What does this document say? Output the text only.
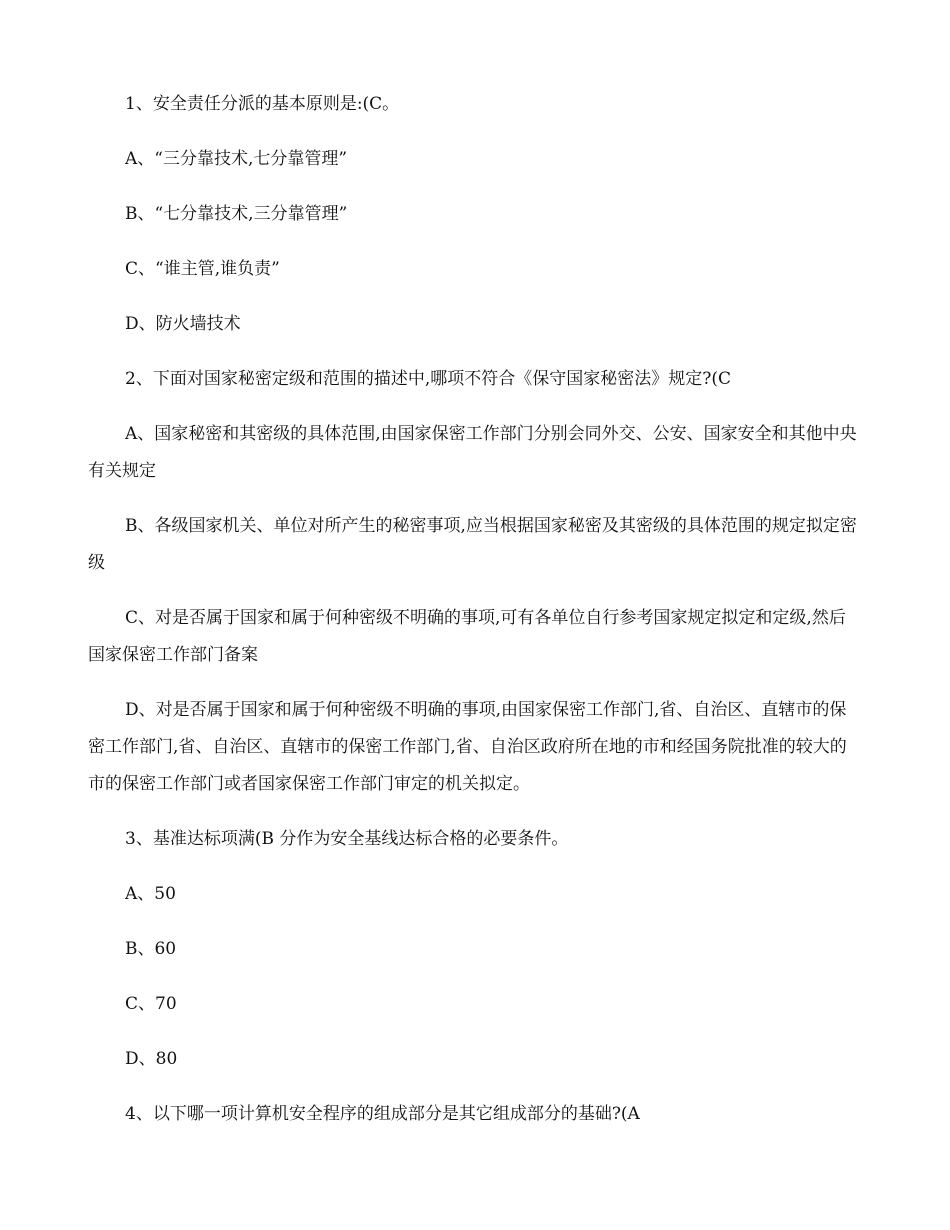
1、安全责任分派的基本原则是:(C。

A、“三分靠技术,七分靠管理”

B、“七分靠技术,三分靠管理”

C、“谁主管,谁负责”

D、防火墙技术

2、下面对国家秘密定级和范围的描述中,哪项不符合《保守国家秘密法》规定?(C

A、国家秘密和其密级的具体范围,由国家保密工作部门分别会同外交、公安、国家安全和其他中央有关规定

B、各级国家机关、单位对所产生的秘密事项,应当根据国家秘密及其密级的具体范围的规定拟定密级

C、对是否属于国家和属于何种密级不明确的事项,可有各单位自行参考国家规定拟定和定级,然后国家保密工作部门备案

D、对是否属于国家和属于何种密级不明确的事项,由国家保密工作部门,省、自治区、直辖市的保密工作部门,省、自治区、直辖市的保密工作部门,省、自治区政府所在地的市和经国务院批准的较大的市的保密工作部门或者国家保密工作部门审定的机关拟定。

3、基准达标项满(B 分作为安全基线达标合格的必要条件。

A、50

B、60

C、70

D、80

4、以下哪一项计算机安全程序的组成部分是其它组成部分的基础?(A
